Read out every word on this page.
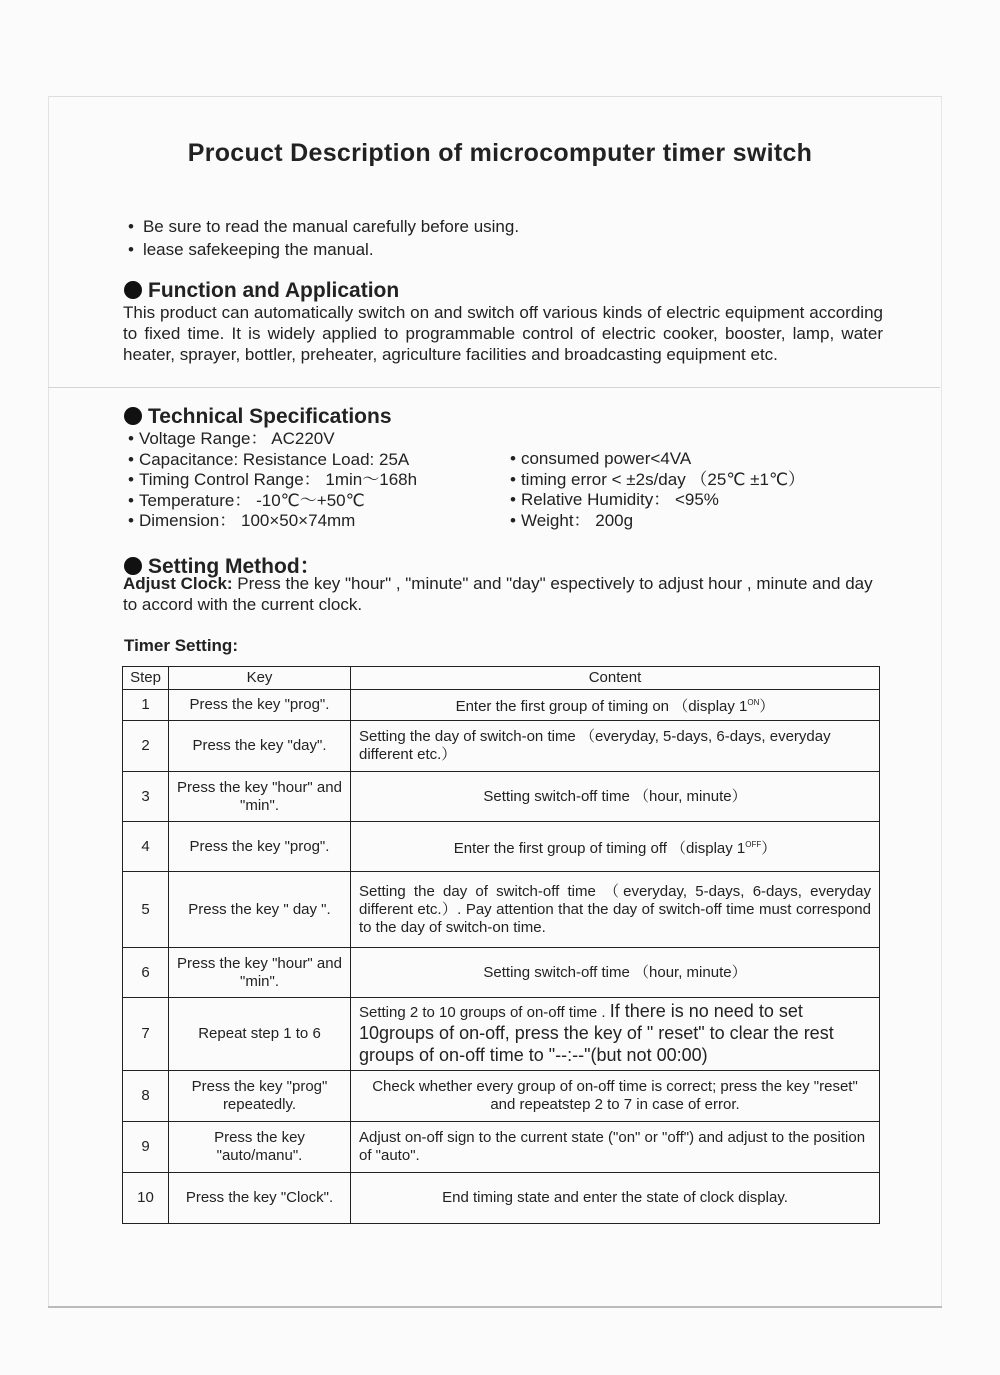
Procuct Description of microcomputer timer switch
• Be sure to read the manual carefully before using.
• lease safekeeping the manual.
Function and Application
This product can automatically switch on and switch off various kinds of electric equipment according to fixed time. It is widely applied to programmable control of electric cooker, booster, lamp, water heater, sprayer, bottler, preheater, agriculture facilities and broadcasting equipment etc.
Technical Specifications
• Voltage Range： AC220V
• Capacitance: Resistance Load: 25A
• Timing Control Range： 1min～168h
• Temperature： -10℃～+50℃
• Dimension： 100×50×74mm
• consumed power<4VA
• timing error < ±2s/day （25℃ ±1℃）
• Relative Humidity： <95%
• Weight： 200g
Setting Method：
Adjust Clock: Press the key "hour" , "minute" and "day" espectively to adjust hour , minute and day to accord with the current clock.
Timer Setting:
Step	Key	Content
1	Press the key "prog".	Enter the first group of timing on （display $1^{ON}$）
2	Press the key "day".	Setting the day of switch-on time （everyday, 5-days, 6-days, everyday different etc.）
3	Press the key "hour" and "min".	Setting switch-off time （hour, minute）
4	Press the key "prog".	Enter the first group of timing off （display $1^{OFF}$）
5	Press the key " day ".	Setting the day of switch-off time （everyday, 5-days, 6-days, everyday different etc.）. Pay attention that the day of switch-off time must correspond to the day of switch-on time.
6	Press the key "hour" and "min".	Setting switch-off time （hour, minute）
7	Repeat step 1 to 6	Setting 2 to 10 groups of on-off time . If there is no need to set 10groups of on-off, press the key of " reset" to clear the rest groups of on-off time to "--:--"(but not 00:00)
8	Press the key "prog" repeatedly.	Check whether every group of on-off time is correct; press the key "reset" and repeatstep 2 to 7 in case of error.
9	Press the key "auto/manu".	Adjust on-off sign to the current state ("on" or "off") and adjust to the position of "auto".
10	Press the key "Clock".	End timing state and enter the state of clock display.
